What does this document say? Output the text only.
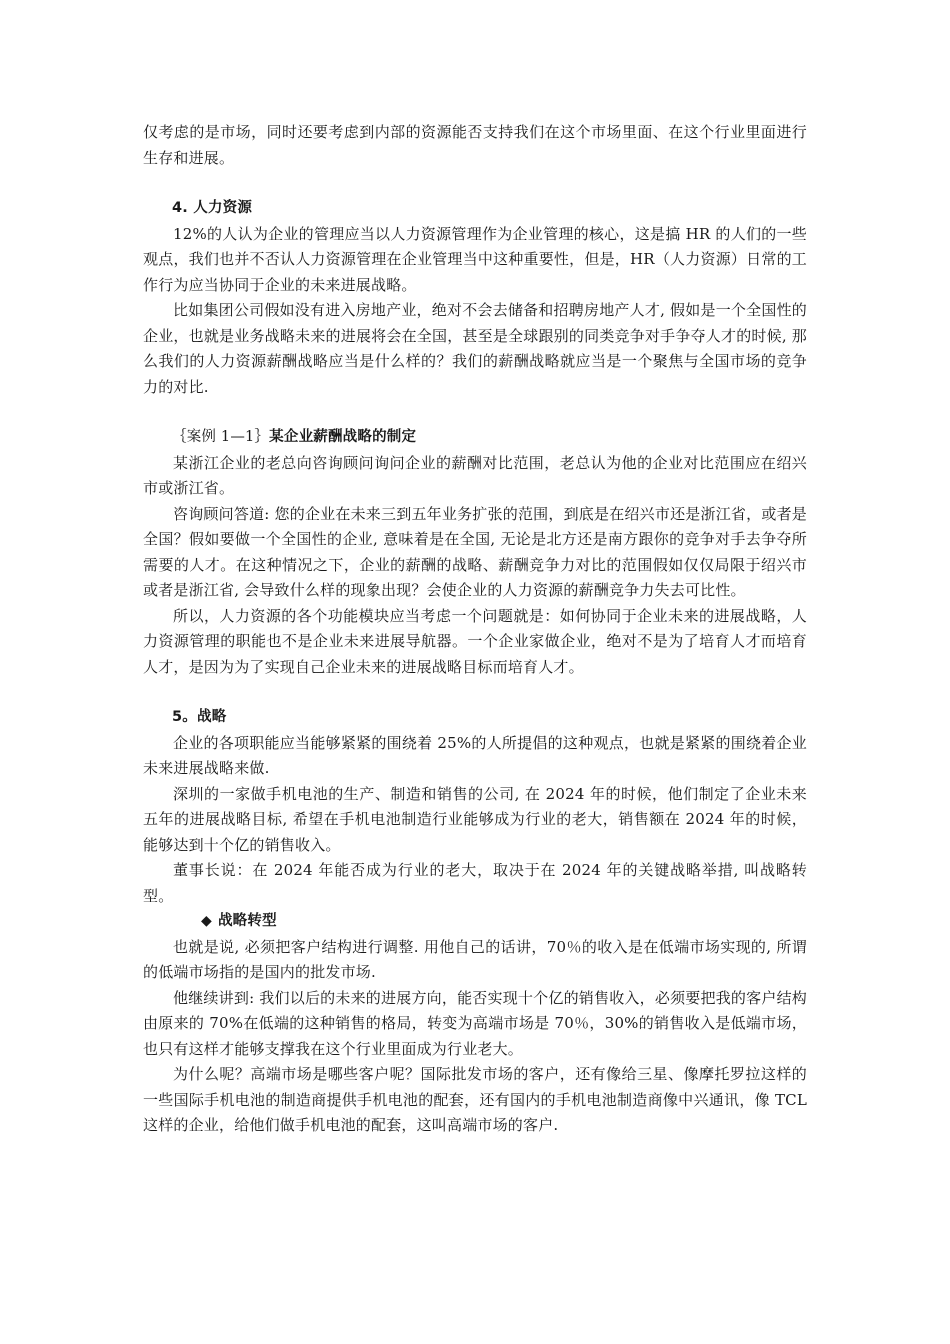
仅考虑的是市场，同时还要考虑到内部的资源能否支持我们在这个市场里面、在这个行业里面进行生存和进展。

4. 人力资源

12%的人认为企业的管理应当以人力资源管理作为企业管理的核心，这是搞 HR 的人们的一些观点，我们也并不否认人力资源管理在企业管理当中这种重要性，但是，HR（人力资源）日常的工作行为应当协同于企业的未来进展战略。

比如集团公司假如没有进入房地产业，绝对不会去储备和招聘房地产人才, 假如是一个全国性的企业，也就是业务战略未来的进展将会在全国，甚至是全球跟别的同类竞争对手争夺人才的时候, 那么我们的人力资源薪酬战略应当是什么样的？我们的薪酬战略就应当是一个聚焦与全国市场的竞争力的对比.

｛案例 1—1｝某企业薪酬战略的制定

某浙江企业的老总向咨询顾问询问企业的薪酬对比范围，老总认为他的企业对比范围应在绍兴市或浙江省。

咨询顾问答道: 您的企业在未来三到五年业务扩张的范围，到底是在绍兴市还是浙江省，或者是全国？假如要做一个全国性的企业, 意味着是在全国, 无论是北方还是南方跟你的竞争对手去争夺所需要的人才。在这种情况之下，企业的薪酬的战略、薪酬竞争力对比的范围假如仅仅局限于绍兴市或者是浙江省, 会导致什么样的现象出现？会使企业的人力资源的薪酬竞争力失去可比性。

所以，人力资源的各个功能模块应当考虑一个问题就是：如何协同于企业未来的进展战略，人力资源管理的职能也不是企业未来进展导航器。一个企业家做企业，绝对不是为了培育人才而培育人才，是因为为了实现自己企业未来的进展战略目标而培育人才。

5。战略

企业的各项职能应当能够紧紧的围绕着 25%的人所提倡的这种观点，也就是紧紧的围绕着企业未来进展战略来做.

深圳的一家做手机电池的生产、制造和销售的公司, 在 2024 年的时候，他们制定了企业未来五年的进展战略目标, 希望在手机电池制造行业能够成为行业的老大，销售额在 2024 年的时候，能够达到十个亿的销售收入。

董事长说：在 2024 年能否成为行业的老大，取决于在 2024 年的关键战略举措, 叫战略转型。

◆ 战略转型

也就是说, 必须把客户结构进行调整. 用他自己的话讲，70％的收入是在低端市场实现的, 所谓的低端市场指的是国内的批发市场.

他继续讲到: 我们以后的未来的进展方向，能否实现十个亿的销售收入，必须要把我的客户结构由原来的 70%在低端的这种销售的格局，转变为高端市场是 70％，30%的销售收入是低端市场，也只有这样才能够支撑我在这个行业里面成为行业老大。

为什么呢？高端市场是哪些客户呢？国际批发市场的客户，还有像给三星、像摩托罗拉这样的一些国际手机电池的制造商提供手机电池的配套，还有国内的手机电池制造商像中兴通讯，像 TCL 这样的企业，给他们做手机电池的配套，这叫高端市场的客户.
